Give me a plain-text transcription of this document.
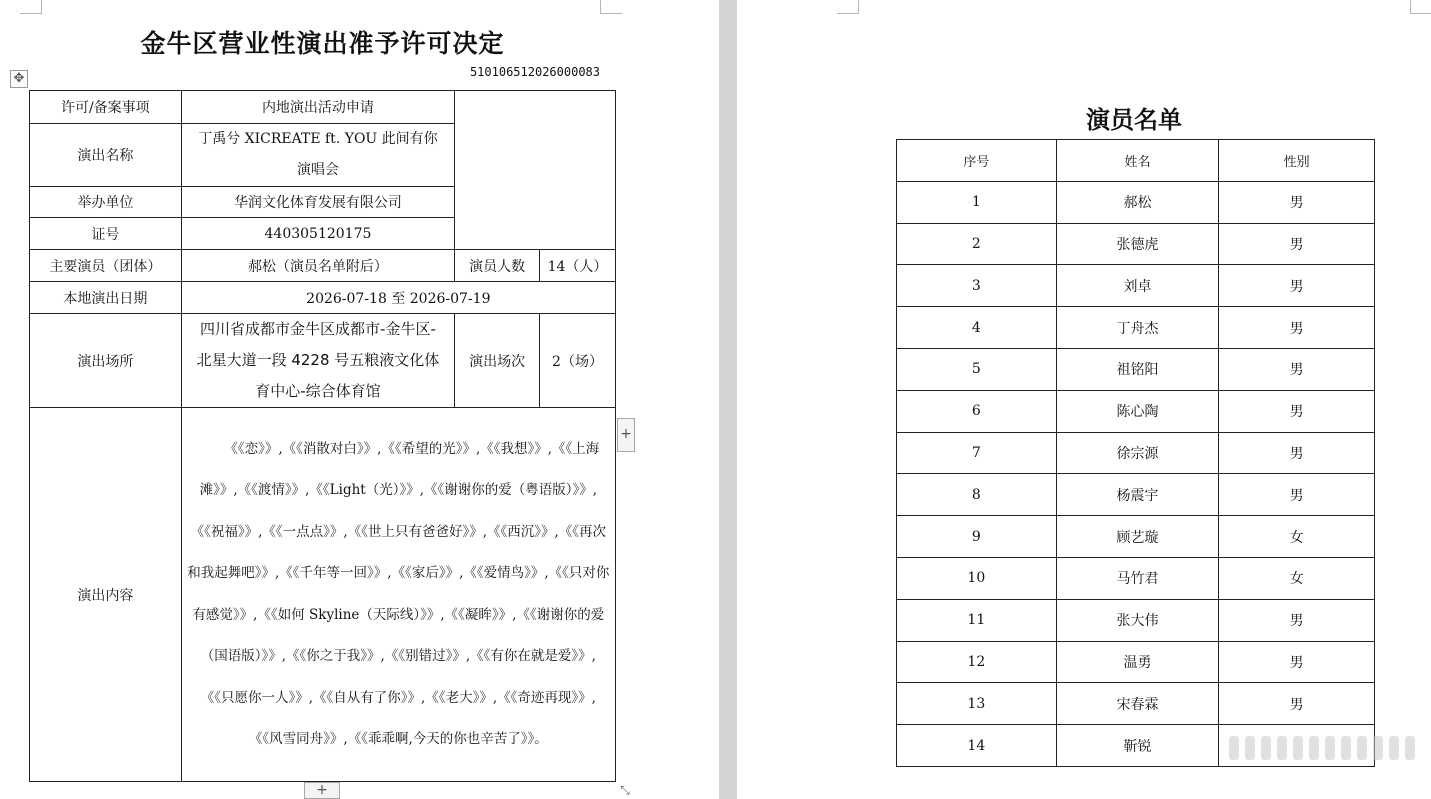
金牛区营业性演出准予许可决定
510106512026000083
✥
许可/备案事项	内地演出活动申请		
演出名称	丁禹兮 XICREATE ft. YOU 此间有你
演唱会		

举办单位	华润文化体育发展有限公司		
证号	440305120175		
主要演员（团体）	郝松（演员名单附后）	演员人数	14（人）
本地演出日期	2026-07-18 至 2026-07-19		
演出场所	四川省成都市金牛区成都市-金牛区-
北星大道一段 4228 号五粮液文化体
育中心-综合体育馆	演出场次	2（场）
演出内容	《《恋》》,《《消散对白》》,《《希望的光》》,《《我想》》,《《上海滩》》,《《渡情》》,《《Light（光）》》,《《谢谢你的爱（粤语版）》》,《《祝福》》,《《一点点》》,《《世上只有爸爸好》》,《《西沉》》,《《再次和我起舞吧》》,《《千年等一回》》,《《家后》》,《《爱情鸟》》,《《只对你有感觉》》,《《如何 Skyline（天际线）》》,《《凝眸》》,《《谢谢你的爱（国语版）》》,《《你之于我》》,《《别错过》》,《《有你在就是爱》》,《《只愿你一人》》,《《自从有了你》》,《《老大》》,《《奇迹再现》》,《《风雪同舟》》,《《乖乖啊,今天的你也辛苦了》》。		
+
+	⤡
演员名单
序号	姓名	性别
1	郝松	男
2	张德虎	男
3	刘卓	男
4	丁舟杰	男
5	祖铭阳	男
6	陈心陶	男
7	徐宗源	男
8	杨震宇	男
9	顾艺璇	女
10	马竹君	女
11	张大伟	男
12	温勇	男
13	宋春霖	男
14	靳锐	
